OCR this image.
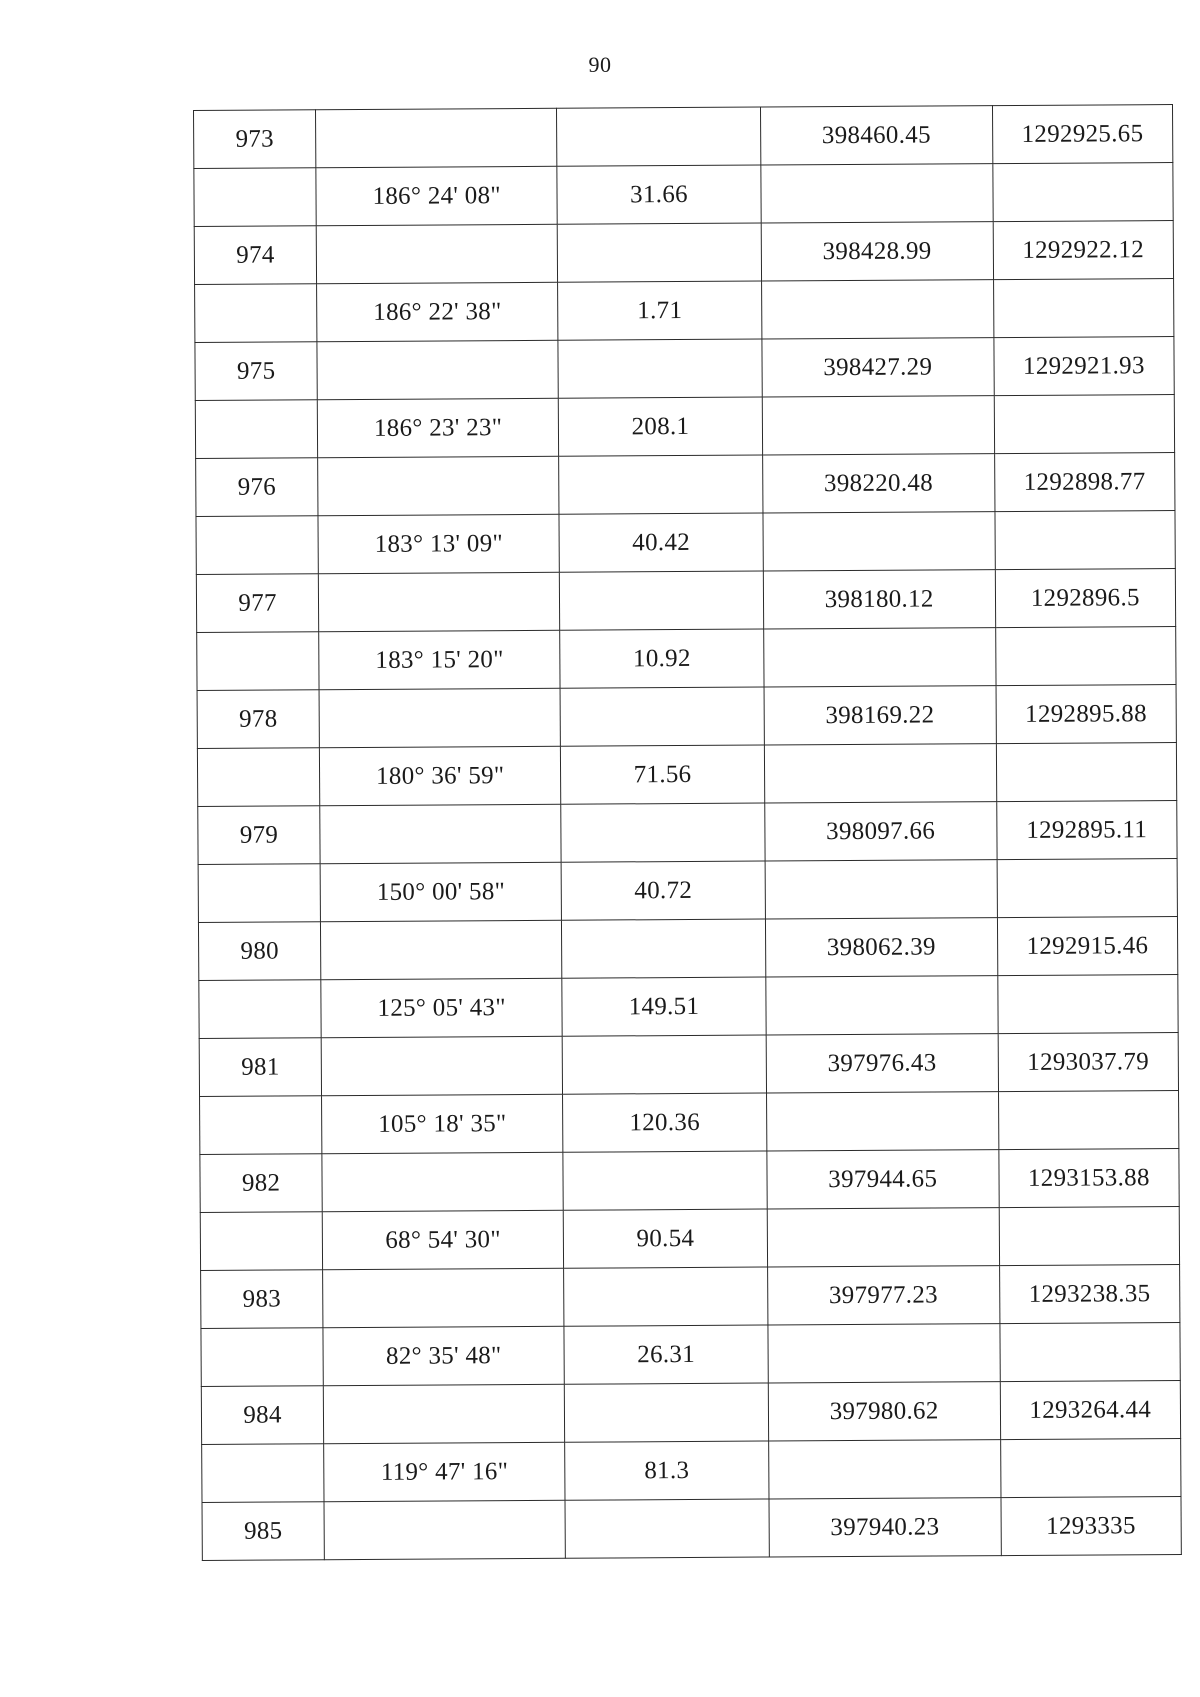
90
973			398460.45	1292925.65
	186° 24' 08"	31.66		
974			398428.99	1292922.12
	186° 22' 38"	1.71		
975			398427.29	1292921.93
	186° 23' 23"	208.1		
976			398220.48	1292898.77
	183° 13' 09"	40.42		
977			398180.12	1292896.5
	183° 15' 20"	10.92		
978			398169.22	1292895.88
	180° 36' 59"	71.56		
979			398097.66	1292895.11
	150° 00' 58"	40.72		
980			398062.39	1292915.46
	125° 05' 43"	149.51		
981			397976.43	1293037.79
	105° 18' 35"	120.36		
982			397944.65	1293153.88
	68° 54' 30"	90.54		
983			397977.23	1293238.35
	82° 35' 48"	26.31		
984			397980.62	1293264.44
	119° 47' 16"	81.3		
985			397940.23	1293335
